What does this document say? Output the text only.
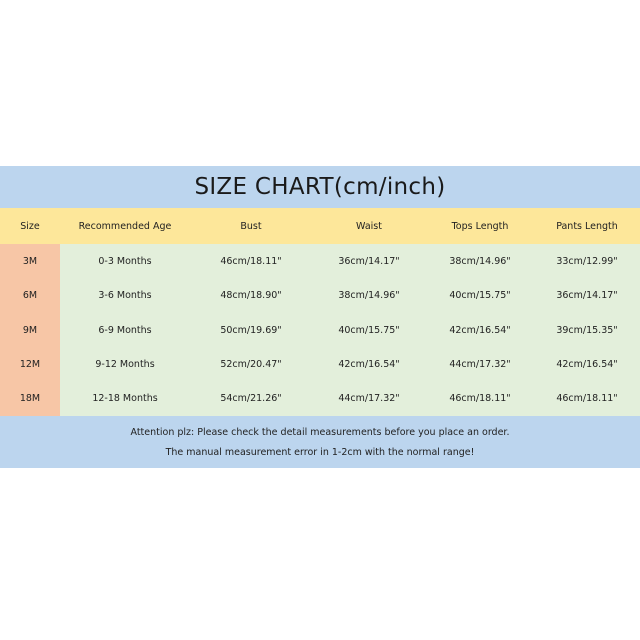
SIZE CHART(cm/inch)
Size	Recommended Age	Bust	Waist	Tops Length	Pants Length
3M	0-3 Months	46cm/18.11"	36cm/14.17"	38cm/14.96"	33cm/12.99"
6M	3-6 Months	48cm/18.90"	38cm/14.96"	40cm/15.75"	36cm/14.17"
9M	6-9 Months	50cm/19.69"	40cm/15.75"	42cm/16.54"	39cm/15.35"
12M	9-12 Months	52cm/20.47"	42cm/16.54"	44cm/17.32"	42cm/16.54"
18M	12-18 Months	54cm/21.26"	44cm/17.32"	46cm/18.11"	46cm/18.11"
Attention plz: Please check the detail measurements before you place an order.
The manual measurement error in 1-2cm with the normal range!
